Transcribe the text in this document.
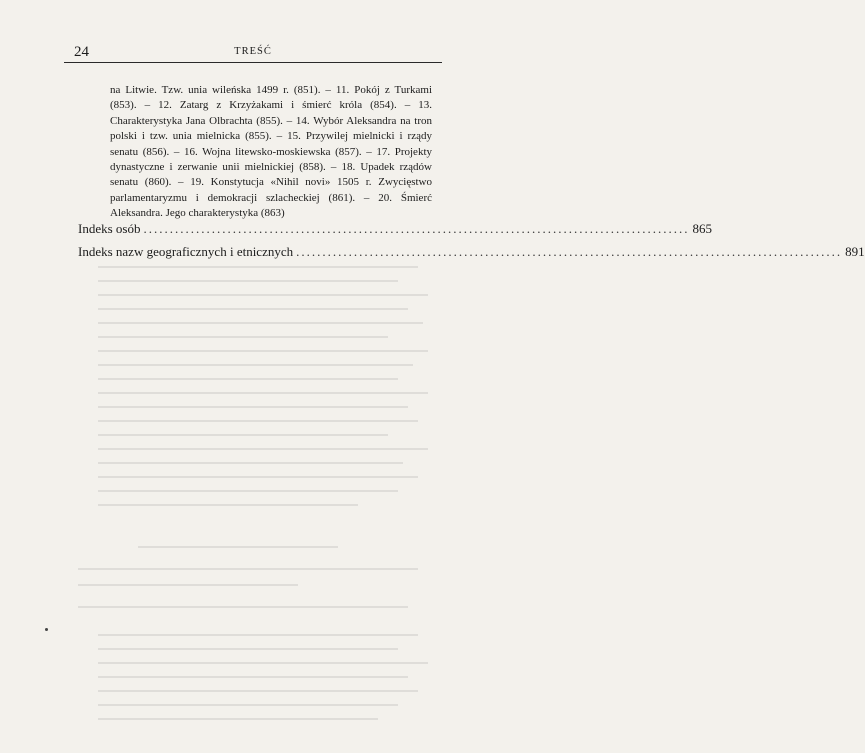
24	TREŚĆ

na Litwie. Tzw. unia wileńska 1499 r. (851). – 11. Pokój z Turkami (853). – 12. Zatarg z Krzyżakami i śmierć króla (854). – 13. Charakterystyka Jana Olbrachta (855). – 14. Wybór Aleksandra na tron polski i tzw. unia mielnicka (855). – 15. Przywilej mielnicki i rządy senatu (856). – 16. Wojna litewsko-moskiewska (857). – 17. Projekty dynastyczne i zerwanie unii mielnickiej (858). – 18. Upadek rządów senatu (860). – 19. Konstytucja «Nihil novi» 1505 r. Zwycięstwo parlamentaryzmu i demokracji szlacheckiej (861). – 20. Śmierć Aleksandra. Jego charakterystyka (863)

Indeks osób ........................................................................................................ 865
Indeks nazw geograficznych i etnicznych ........................................................................................................ 891
